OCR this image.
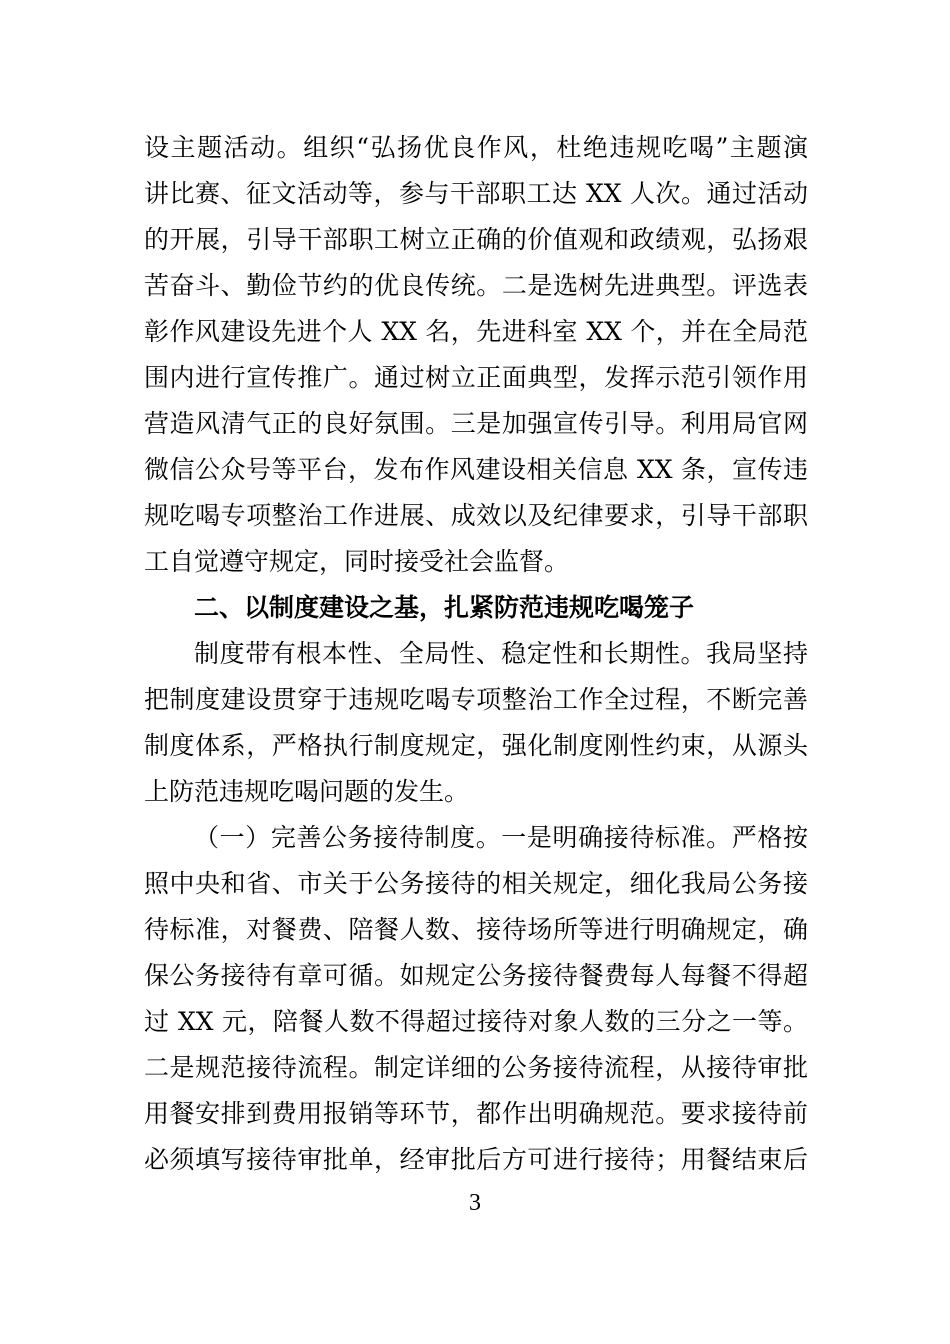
设主题活动。组织“弘扬优良作风，杜绝违规吃喝”主题演
讲比赛、征文活动等，参与干部职工达 XX 人次。通过活动
的开展，引导干部职工树立正确的价值观和政绩观，弘扬艰
苦奋斗、勤俭节约的优良传统。二是选树先进典型。评选表
彰作风建设先进个人 XX 名，先进科室 XX 个，并在全局范
围内进行宣传推广。通过树立正面典型，发挥示范引领作用
营造风清气正的良好氛围。三是加强宣传引导。利用局官网
微信公众号等平台，发布作风建设相关信息 XX 条，宣传违
规吃喝专项整治工作进展、成效以及纪律要求，引导干部职
工自觉遵守规定，同时接受社会监督。
二、以制度建设之基，扎紧防范违规吃喝笼子
制度带有根本性、全局性、稳定性和长期性。我局坚持
把制度建设贯穿于违规吃喝专项整治工作全过程，不断完善
制度体系，严格执行制度规定，强化制度刚性约束，从源头
上防范违规吃喝问题的发生。
（一）完善公务接待制度。一是明确接待标准。严格按
照中央和省、市关于公务接待的相关规定，细化我局公务接
待标准，对餐费、陪餐人数、接待场所等进行明确规定，确
保公务接待有章可循。如规定公务接待餐费每人每餐不得超
过 XX 元，陪餐人数不得超过接待对象人数的三分之一等。
二是规范接待流程。制定详细的公务接待流程，从接待审批
用餐安排到费用报销等环节，都作出明确规范。要求接待前
必须填写接待审批单，经审批后方可进行接待；用餐结束后
3
